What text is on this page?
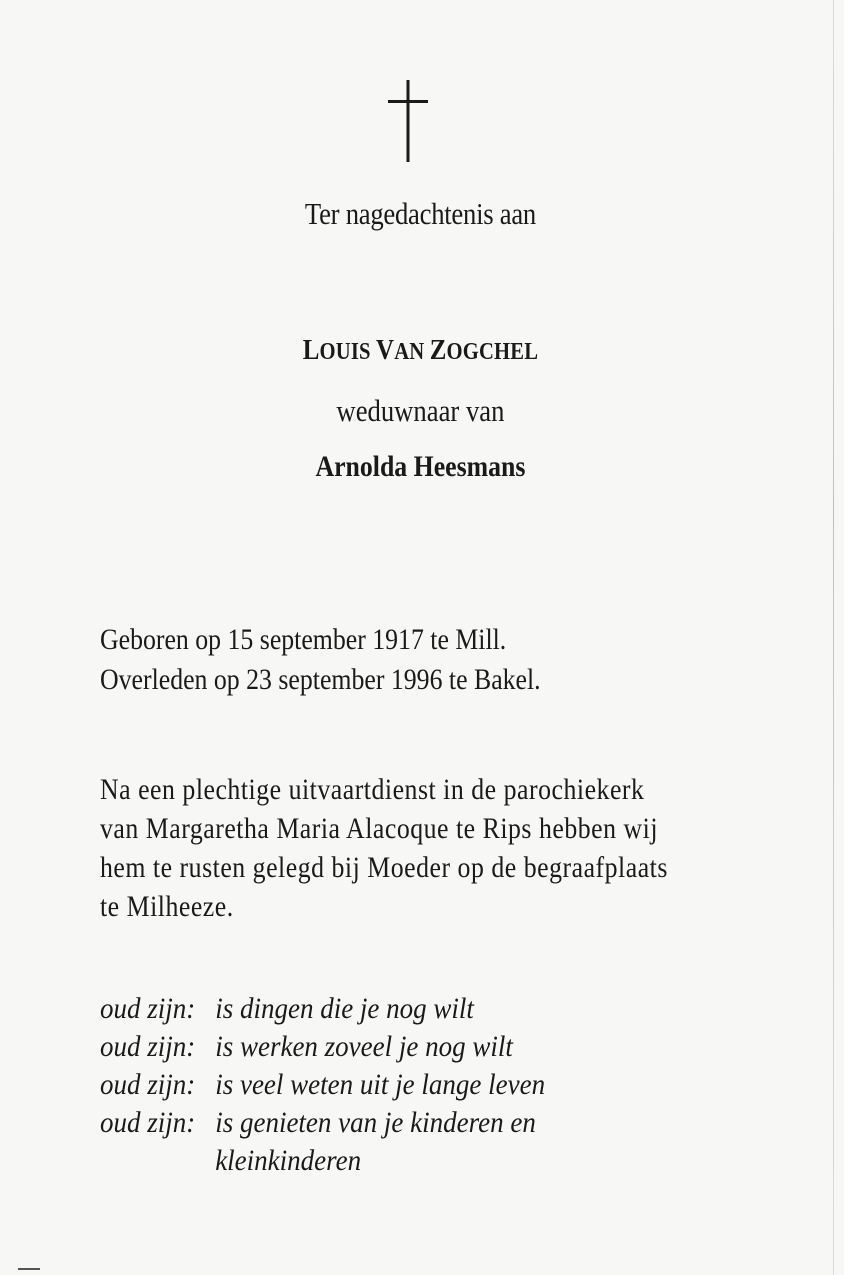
Ter nagedachtenis aan
LOUIS VAN ZOGCHEL
weduwnaar van
Arnolda Heesmans
Geboren op 15 september 1917 te Mill.
Overleden op 23 september 1996 te Bakel.
Na een plechtige uitvaartdienst in de parochiekerk
van Margaretha Maria Alacoque te Rips hebben wij
hem te rusten gelegd bij Moeder op de begraafplaats
te Milheeze.
oud zijn: is dingen die je nog wilt
oud zijn: is werken zoveel je nog wilt
oud zijn: is veel weten uit je lange leven
oud zijn: is genieten van je kinderen en
kleinkinderen
